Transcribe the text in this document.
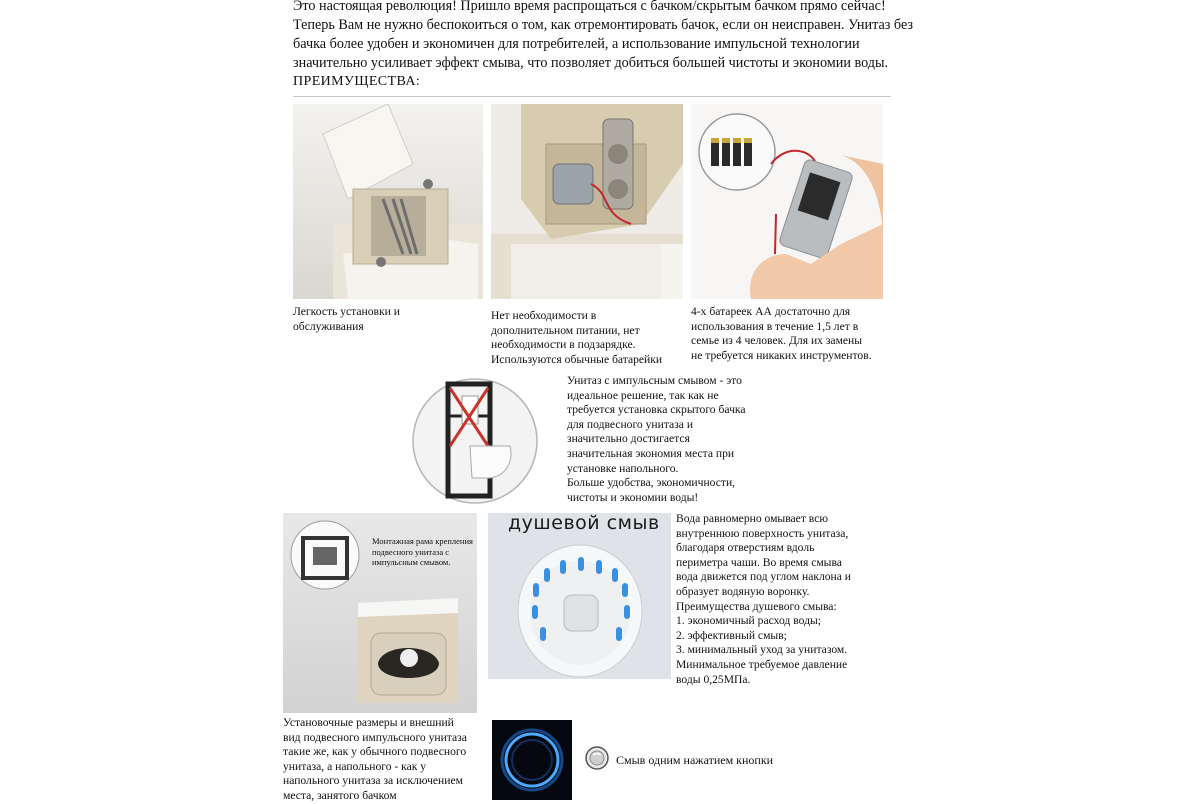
Это настоящая революция! Пришло время распрощаться с бачком/скрытым бачком прямо сейчас!

Теперь Вам не нужно беспокоиться о том, как отремонтировать бачок, если он неисправен. Унитаз без

бачка более удобен и экономичен для потребителей, а использование импульсной технологии

значительно усиливает эффект смыва, что позволяет добиться большей чистоты и экономии воды.

ПРЕИМУЩЕСТВА:
Легкость установки и
обслуживания
Нет необходимости в
дополнительном питании, нет
необходимости в подзарядке.
Используются обычные батарейки
4-х батареек АА достаточно для
использования в течение 1,5 лет в
семье из 4 человек. Для их замены
не требуется никаких инструментов.
Унитаз с импульсным смывом - это
идеальное решение, так как не
требуется установка скрытого бачка
для подвесного унитаза и
значительно достигается
значительная экономия места при
установке напольного.
Больше удобства, экономичности,
чистоты и экономии воды!
Монтажная рама крепления
подвесного унитаза с
импульсным смывом.
душевой смыв Вода равномерно омывает всю
внутреннюю поверхность унитаза,
благодаря отверстиям вдоль
периметра чаши. Во время смыва
вода движется под углом наклона и
образует водяную воронку.
Преимущества душевого смыва:
1. экономичный расход воды;
2. эффективный смыв;
3. минимальный уход за унитазом.
Минимальное требуемое давление
воды 0,25МПа.
Установочные размеры и внешний
вид подвесного импульсного унитаза
такие же, как у обычного подвесного
унитаза, а напольного - как у
напольного унитаза за исключением
места, занятого бачком
Смыв одним нажатием кнопки
